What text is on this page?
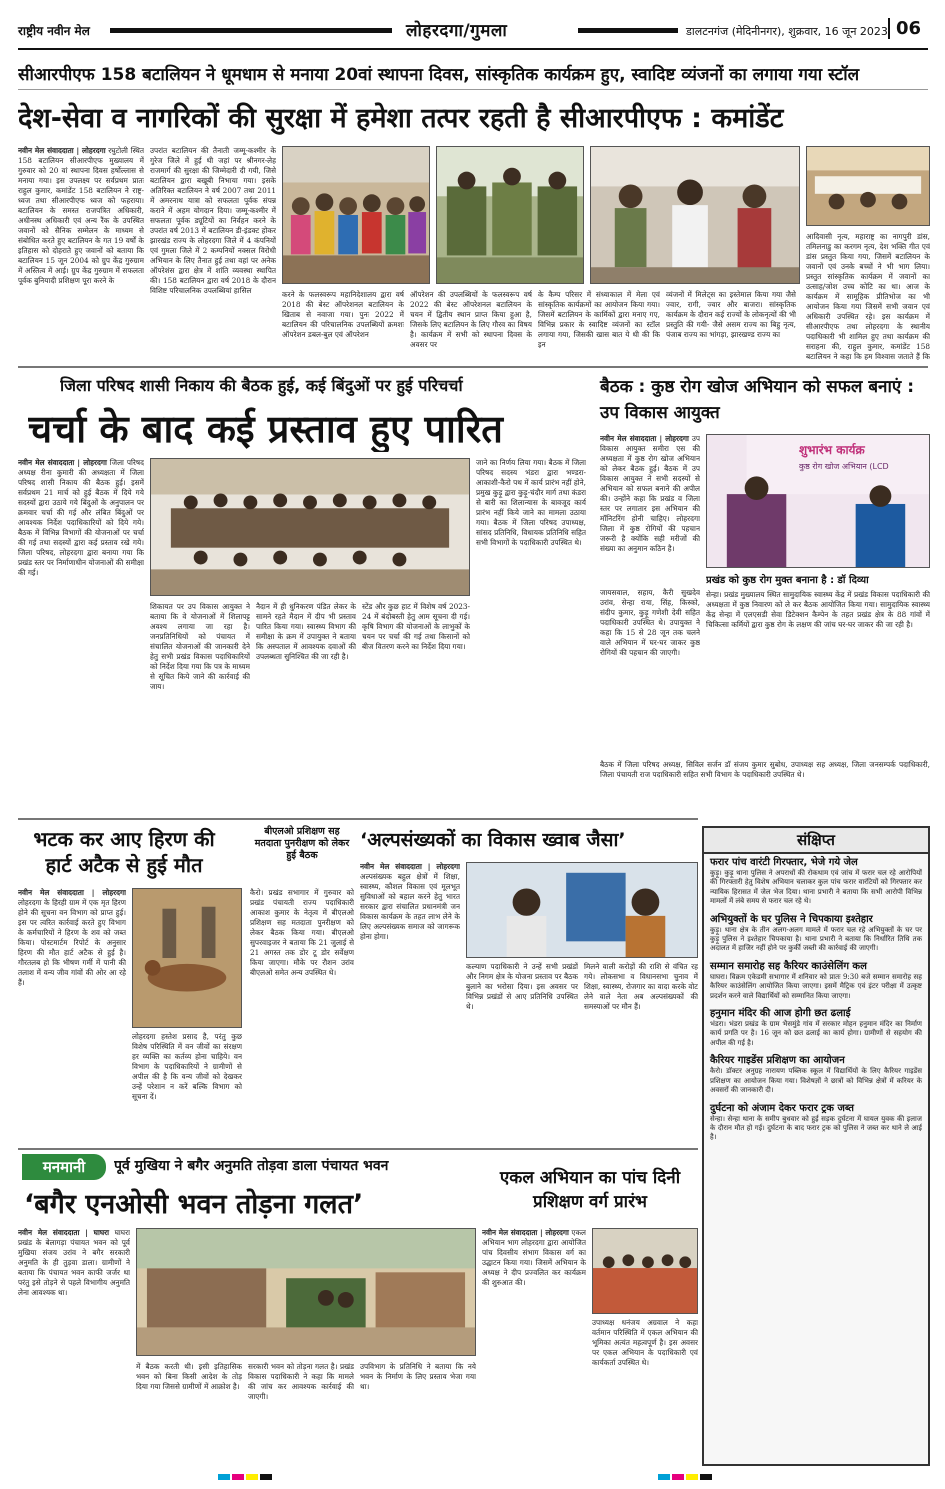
राष्ट्रीय नवीन मेल	लोहरदगा/गुमला	डालटनगंज (मेदिनीनगर), शुक्रवार, 16 जून 2023 06
सीआरपीएफ 158 बटालियन ने धूमधाम से मनाया 20वां स्थापना दिवस, सांस्कृतिक कार्यक्रम हुए, स्वादिष्ट व्यंजनों का लगाया गया स्टॉल
देश-सेवा व नागरिकों की सुरक्षा में हमेशा तत्पर रहती है सीआरपीएफ : कमांडेंट
नवीन मेल संवाददाता | लोहरदगा रघुटोली स्थित 158 बटालियन सीआरपीएफ मुख्यालय में गुरुवार को 20 वां स्थापना दिवस हर्षोल्लास से मनाया गया। इस उपलक्ष्य पर सर्वप्रथम प्रातः राहुल कुमार, कमांडेंट 158 बटालियन ने राष्ट्र-ध्वज तथा सीआरपीएफ ध्वज को फहराया। बटालियन के समस्त राजपत्रित अधिकारी, अधीनस्थ अधिकारी एवं अन्य रैंक के उपस्थित जवानों को सैनिक सम्मेलन के माध्यम से संबोधित करते हुए बटालियन के गत 19 वर्षों के इतिहास को दोहराते हुए जवानों को बताया कि बटालियन 15 जून 2004 को ग्रुप केंद्र गुरुग्राम में अस्तित्व में आई। ग्रुप केंद्र गुरुग्राम में सफलता पूर्वक बुनियादी प्रशिक्षण पूरा करने के
उपरांत बटालियन की तैनाती जम्मू-कश्मीर के गुरेज जिले में हुई थी जहां पर श्रीनगर-लेह राजमार्ग की सुरक्षा की जिम्मेदारी दी गयी, जिसे बटालियन द्वारा बखूबी निभाया गया। इसके अतिरिक्त बटालियन ने वर्ष 2007 तथा 2011 में अमरनाथ यात्रा को सफलता पूर्वक संपन्न कराने में अहम योगदान दिया। जम्मू-कश्मीर में सफलता पूर्वक ड्यूटियों का निर्वहन करने के उपरांत वर्ष 2013 में बटालियन डी-इंडक्ट होकर झारखंड राज्य के लोहरदगा जिले में 4 कंपनियों एवं गुमला जिले में 2 कम्पनियों नक्सल विरोधी अभियान के लिए तैनात हुई तथा वहां पर अनेक ऑपरेशंस द्वारा क्षेत्र में शांति व्यवस्था स्थापित की। 158 बटालियन द्वारा वर्ष 2018 के दौरान विशिष्ट परिचालनिक उपलब्धियां हासिल	करने के फलस्वरूप महानिदेशालय द्वारा वर्ष 2018 की बेस्ट ऑपरेशनल बटालियन के खिताब से नवाजा गया। पुनः 2022 में बटालियन की परिचालनिक उपलब्धियों क्रमशः ऑपरेशन डबल-बुल एवं ऑपरेशन
ऑपरेशन की उपलब्धियों के फलस्वरूप वर्ष 2022 की बेस्ट ऑपरेशनल बटालियन के चयन में द्वितीय स्थान प्राप्त किया हुआ है, जिसके लिए बटालियन के लिए गौरव का विषय है। कार्यक्रम में सभी को स्थापना दिवस के अवसर पर
के कैम्प परिसर में संध्याकाल में मेला एवं सांस्कृतिक कार्यक्रमों का आयोजन किया गया। जिसमें बटालियन के कार्मिकों द्वारा मनाए गए, विभिन्न प्रकार के स्वादिष्ट व्यंजनों का स्टॉल लगाया गया, जिसकी खास बात ये थी की कि इन
व्यंजनों में मिलेट्स का इस्तेमाल किया गया जैसे ज्वार, रागी, ज्वार और बाजरा। सांस्कृतिक कार्यक्रम के दौरान कई राज्यों के लोकनृत्यों की भी प्रस्तुति की गयी- जैसे असम राज्य का बिहु नृत्य, पंजाब राज्य का भांगड़ा, झारखण्ड राज्य का
आदिवासी नृत्य, महाराष्ट्र का नागपुरी डांस, तमिलनाडु का करगम नृत्य, देश भक्ति गीत एवं डांस प्रस्तुत किया गया, जिसमें बटालियन के जवानों एवं उनके बच्चों ने भी भाग लिया। प्रस्तुत सांस्कृतिक कार्यक्रम में जवानों का उत्साह/जोश उच्च कोटि का था। आज के कार्यक्रम में सामूहिक प्रीतिभोज का भी आयोजन किया गया जिसमें सभी जवान एवं अधिकारी उपस्थित रहे। इस कार्यक्रम में सीआरपीएफ तथा लोहरदगा के स्थानीय पदाधिकारी भी शामिल हुए तथा कार्यक्रम की सराहना की, राहुल कुमार, कमांडेंट 158 बटालियन ने कहा कि हम विश्वास जताते हैं कि
जिला परिषद शासी निकाय की बैठक हुई, कई बिंदुओं पर हुई परिचर्चा
चर्चा के बाद कई प्रस्ताव हुए पारित
नवीन मेल संवाददाता | लोहरदगा जिला परिषद अध्यक्ष रीना कुमारी की अध्यक्षता में जिला परिषद शासी निकाय की बैठक हुई। इसमें सर्वप्रथम 21 मार्च को हुई बैठक में दिये गये सदस्यों द्वारा उठाये गये बिंदुओं के अनुपालन पर क्रमवार चर्चा की गई और लंबित बिंदुओं पर आवश्यक निर्देश पदाधिकारियों को दिये गये। बैठक में विभिन्न विभागों की योजनाओं पर चर्चा की गई तथा सदस्यों द्वारा कई प्रस्ताव रखे गये। जिला परिषद, लोहरदगा द्वारा बनाया गया कि प्रखंड स्तर पर निर्माणाधीन योजनाओं की समीक्षा की गई।
जाने का निर्णय लिया गया। बैठक में जिला परिषद सदस्य भंडरा द्वारा भण्डरा-आकाशी-कैरो पथ में कार्य प्रारंभ नहीं होने, प्रमुख कुड़ू द्वारा कुड़ू-चंदौर मार्ग तथा कंडरा से बारी का शिलान्यास के बावजूद कार्य प्रारंभ नहीं किये जाने का मामला उठाया गया। बैठक में जिला परिषद उपाध्यक्ष, सांसद प्रतिनिधि, विधायक प्रतिनिधि सहित सभी विभागों के पदाधिकारी उपस्थित थे।
शिकायत पर उप विकास आयुक्त ने बताया कि वे योजनाओं में शिलापट्ट अवश्य लगाया जा रहा है। जनप्रतिनिधियों को पंचायत में संचालित योजनाओं की जानकारी देने हेतु सभी प्रखंड विकास पदाधिकारियों को निर्देश दिया गया कि पत्र के माध्यम से सूचित किये जाने की कार्रवाई की जाय।
नैदान में ही धुनिकरण पंडित लेकर के सामने रहते मैदान में दीप भी प्रस्ताव पारित किया गया। स्वास्थ्य विभाग की समीक्षा के क्रम में उपायुक्त ने बताया कि अस्पताल में आवश्यक दवाओं की उपलब्धता सुनिश्चित की जा रही है।
स्टेंड और कुछ हाट में विशेष वर्ष 2023-24 में बंदोबस्ती हेतु आम सूचना दी गई। कृषि विभाग की योजनाओं के लाभुकों के चयन पर चर्चा की गई तथा किसानों को बीज वितरण करने का निर्देश दिया गया।
बैठक : कुष्ठ रोग खोज अभियान को सफल बनाएं : उप विकास आयुक्त
नवीन मेल संवाददाता | लोहरदगा उप विकास आयुक्त समीरा एस की अध्यक्षता में कुष्ठ रोग खोज अभियान को लेकर बैठक हुई। बैठक में उप विकास आयुक्त ने सभी सदस्यों से अभियान को सफल बनाने की अपील की। उन्होंने कहा कि प्रखंड व जिला स्तर पर लगातार इस अभियान की मॉनिटरिंग होनी चाहिए। लोहरदगा जिला में कुष्ठ रोगियों की पहचान जरूरी है क्योंकि सही मरीजों की संख्या का अनुमान कठिन है।
शुभारंभ कार्यक्र
कुष्ठ रोग खोज अभियान (LCD
जायसवाल, सहाय, कैरी सुखदेव उरांव, सेन्हा राया, सिंह, किस्को, संदीप कुमार, कुड़ू गणेशी देवी सहित पदाधिकारी उपस्थित थे। उपायुक्त ने कहा कि 15 से 28 जून तक चलने वाले अभियान में घर-घर जाकर कुष्ठ रोगियों की पहचान की जाएगी।
प्रखंड को कुष्ठ रोग मुक्त बनाना है : डॉ दिव्या
सेन्हा। प्रखंड मुख्यालय स्थित सामुदायिक स्वास्थ्य केंद्र में प्रखंड विकास पदाधिकारी की अध्यक्षता में कुष्ठ निवारण को ले कर बैठक आयोजित किया गया। सामुदायिक स्वास्थ्य केंद्र सेन्हा में एलएसडी सेवा डिटेक्शन कैम्पेन के तहत प्रखंड क्षेत्र के 88 गांवों में चिकित्सा कर्मियों द्वारा कुष्ठ रोग के लक्षण की जांच घर-घर जाकर की जा रही है।
बैठक में जिला परिषद अध्यक्ष, सिविल सर्जन डॉ संजय कुमार सुबोध, उपाध्यक्ष सह अध्यक्ष, जिला जनसम्पर्क पदाधिकारी, जिला पंचायती राज पदाधिकारी सहित सभी विभाग के पदाधिकारी उपस्थित थे।
भटक कर आए हिरण की हार्ट अटैक से हुई मौत
नवीन मेल संवाददाता | लोहरदगा लोहरदगा के हिरही ग्राम में एक मृत हिरण होने की सूचना वन विभाग को प्राप्त हुई। इस पर त्वरित कार्रवाई करते हुए विभाग के कर्मचारियों ने हिरण के शव को जब्त किया। पोस्टमार्टम रिपोर्ट के अनुसार हिरण की मौत हार्ट अटैक से हुई है। गौरतलब हो कि भीषण गर्मी में पानी की तलाश में वन्य जीव गांवों की ओर आ रहे हैं।
लोहरदगा हस्तेश प्रसाद है, परंतु कुछ विशेष परिस्थिति में वन जीवों का संरक्षण हर व्यक्ति का कर्तव्य होना चाहिये। वन विभाग के पदाधिकारियों ने ग्रामीणों से अपील की है कि वन्य जीवों को देखकर उन्हें परेशान न करें बल्कि विभाग को सूचना दें।
बीएलओ प्रशिक्षण सह मतदाता पुनरीक्षण को लेकर हुई बैठक
कैरो। प्रखंड सभागार में गुरुवार को प्रखंड पंचायती राज्य पदाधिकारी आकाश कुमार के नेतृत्व में बीएलओ प्रशिक्षण सह मतदाता पुनरीक्षण को लेकर बैठक किया गया। बीएलओ सुपरवाइजर ने बताया कि 21 जुलाई से 21 अगस्त तक डोर टू डोर सर्वेक्षण किया जाएगा। मौके पर रौशन उरांव बीएलओ समेत अन्य उपस्थित थे।
‘अल्पसंख्यकों का विकास ख्वाब जैसा’
नवीन मेल संवाददाता | लोहरदगा अल्पसंख्यक बहुल क्षेत्रों में शिक्षा, स्वास्थ्य, कौशल विकास एवं मूलभूत सुविधाओं को बहाल करने हेतु भारत सरकार द्वारा संचालित प्रधानमंत्री जन विकास कार्यक्रम के तहत लाभ लेने के लिए अल्पसंख्यक समाज को जागरूक होना होगा।
कल्याण पदाधिकारी ने उन्हें सभी प्रखंडों और निगम क्षेत्र के योजना प्रस्ताव पर बैठक बुलाने का भरोसा दिया। इस अवसर पर विभिन्न प्रखंडों से आए प्रतिनिधि उपस्थित थे।
मिलने वाली करोड़ों की राशि से वंचित रह गये। लोकसभा व विधानसभा चुनाव में शिक्षा, स्वास्थ्य, रोजगार का वादा करके वोट लेने वाले नेता अब अल्पसंख्यकों की समस्याओं पर मौन हैं।
संक्षिप्त
फरार पांच वारंटी गिरफ्तार, भेजे गये जेल
कुड़ू। कुड़ू थाना पुलिस ने अपराधों की रोकथाम एवं जांच में फरार चल रहे आरोपियों की गिरफ्तारी हेतु विशेष अभियान चलाकर कुल पांच फरार वारंटियों को गिरफ्तार कर न्यायिक हिरासत में जेल भेज दिया। थाना प्रभारी ने बताया कि सभी आरोपी विभिन्न मामलों में लंबे समय से फरार चल रहे थे।
अभियुक्तों के घर पुलिस ने चिपकाया इश्तेहार
कुड़ू। थाना क्षेत्र के तीन अलग-अलग मामले में फरार चल रहे अभियुक्तों के घर पर कुड़ू पुलिस ने इश्तेहार चिपकाया है। थाना प्रभारी ने बताया कि निर्धारित तिथि तक अदालत में हाजिर नहीं होने पर कुर्की जब्ती की कार्रवाई की जाएगी।
सम्मान समारोह सह कैरियर काउंसेलिंग कल
घाघरा। विक्रम एकेडमी सभागार में शनिवार को प्रातः 9:30 बजे सम्मान समारोह सह कैरियर काउंसेलिंग आयोजित किया जाएगा। इसमें मैट्रिक एवं इंटर परीक्षा में उत्कृष्ट प्रदर्शन करने वाले विद्यार्थियों को सम्मानित किया जाएगा।
हनुमान मंदिर की आज होगी छत ढलाई
भंडरा। भंडरा प्रखंड के ग्राम भैसमुंडे गांव में सरकार मोहन हनुमान मंदिर का निर्माण कार्य प्रगति पर है। 16 जून को छत ढलाई का कार्य होगा। ग्रामीणों से सहयोग की अपील की गई है।
कैरियर गाइडेंस प्रशिक्षण का आयोजन
कैरो। डॉक्टर अनुग्रह नारायण पब्लिक स्कूल में विद्यार्थियों के लिए कैरियर गाइडेंस प्रशिक्षण का आयोजन किया गया। विशेषज्ञों ने छात्रों को विभिन्न क्षेत्रों में करियर के अवसरों की जानकारी दी।
दुर्घटना को अंजाम देकर फरार ट्रक जब्त
सेन्हा। सेन्हा थाना के समीप बुधवार को हुई सड़क दुर्घटना में घायल युवक की इलाज के दौरान मौत हो गई। दुर्घटना के बाद फरार ट्रक को पुलिस ने जब्त कर थाने ले आई है।
मनमानी	पूर्व मुखिया ने बगैर अनुमति तोड़वा डाला पंचायत भवन
‘बगैर एनओसी भवन तोड़ना गलत’
नवीन मेल संवाददाता | घाघरा घाघरा प्रखंड के बेलागड़ा पंचायत भवन को पूर्व मुखिया संजय उरांव ने बगैर सरकारी अनुमति के ही तुड़वा डाला। ग्रामीणों ने बताया कि पंचायत भवन काफी जर्जर था परंतु इसे तोड़ने से पहले विभागीय अनुमति लेना आवश्यक था।
में बैठक करती थी। इसी इतिहासिक भवन को बिना किसी आदेश के तोड़ दिया गया जिससे ग्रामीणों में आक्रोश है।
सरकारी भवन को तोड़ना गलत है। प्रखंड विकास पदाधिकारी ने कहा कि मामले की जांच कर आवश्यक कार्रवाई की जाएगी।
उपविभाग के प्रतिनिधि ने बताया कि नये भवन के निर्माण के लिए प्रस्ताव भेजा गया था।
एकल अभियान का पांच दिनी प्रशिक्षण वर्ग प्रारंभ
नवीन मेल संवाददाता | लोहरदगा एकल अभियान भाग लोहरदगा द्वारा आयोजित पांच दिवसीय संभाग विकास वर्ग का उद्घाटन किया गया। जिसमें अभियान के अध्यक्ष ने दीप प्रज्वलित कर कार्यक्रम की शुरुआत की।
उपाध्यक्ष धनंजय अग्रवाल ने कहा वर्तमान परिस्थिति में एकल अभियान की भूमिका अत्यंत महत्वपूर्ण है। इस अवसर पर एकल अभियान के पदाधिकारी एवं कार्यकर्ता उपस्थित थे।
